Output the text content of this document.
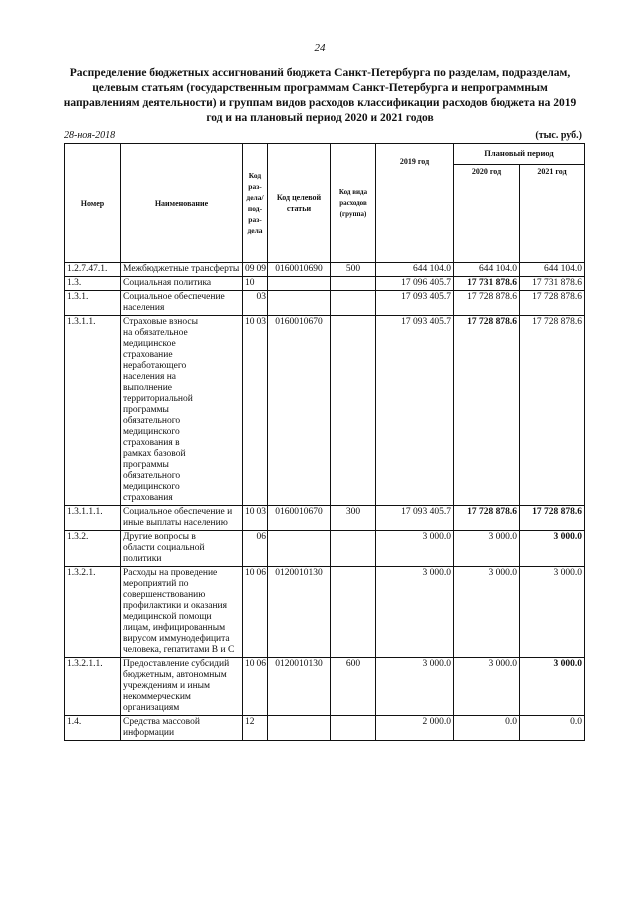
24
Распределение бюджетных ассигнований бюджета Санкт-Петербурга по разделам, подразделам, целевым статьям (государственным программам Санкт-Петербурга и непрограммным направлениям деятельности) и группам видов расходов классификации расходов бюджета на 2019 год и на плановый период 2020 и 2021 годов
28-ноя-2018	(тыс. руб.)
Номер	Наименование	Код раз-дела/ под-раз-дела		Код целевой статьи	Код вида расходов (группа)	2019 год	Плановый период	
							2020 год	2021 год
1.2.7.47.1.	Межбюджетные трансферты	09	09	0160010690	500	644 104.0	644 104.0	644 104.0
1.3.	Социальная политика	10				17 096 405.7	17 731 878.6	17 731 878.6
1.3.1.	Социальное обеспечение населения		03			17 093 405.7	17 728 878.6	17 728 878.6
1.3.1.1.	Страховые взносы на обязательное медицинское страхование неработающего населения на выполнение территориальной программы обязательного медицинского страхования в рамках базовой программы обязательного медицинского страхования	10	03	0160010670		17 093 405.7	17 728 878.6	17 728 878.6
1.3.1.1.1.	Социальное обеспечение и иные выплаты населению	10	03	0160010670	300	17 093 405.7	17 728 878.6	17 728 878.6
1.3.2.	Другие вопросы в области социальной политики		06			3 000.0	3 000.0	3 000.0
1.3.2.1.	Расходы на проведение мероприятий по совершенствованию профилактики и оказания медицинской помощи лицам, инфицированным вирусом иммунодефицита человека, гепатитами В и С	10	06	0120010130		3 000.0	3 000.0	3 000.0
1.3.2.1.1.	Предоставление субсидий бюджетным, автономным учреждениям и иным некоммерческим организациям	10	06	0120010130	600	3 000.0	3 000.0	3 000.0
1.4.	Средства массовой информации	12				2 000.0	0.0	0.0
